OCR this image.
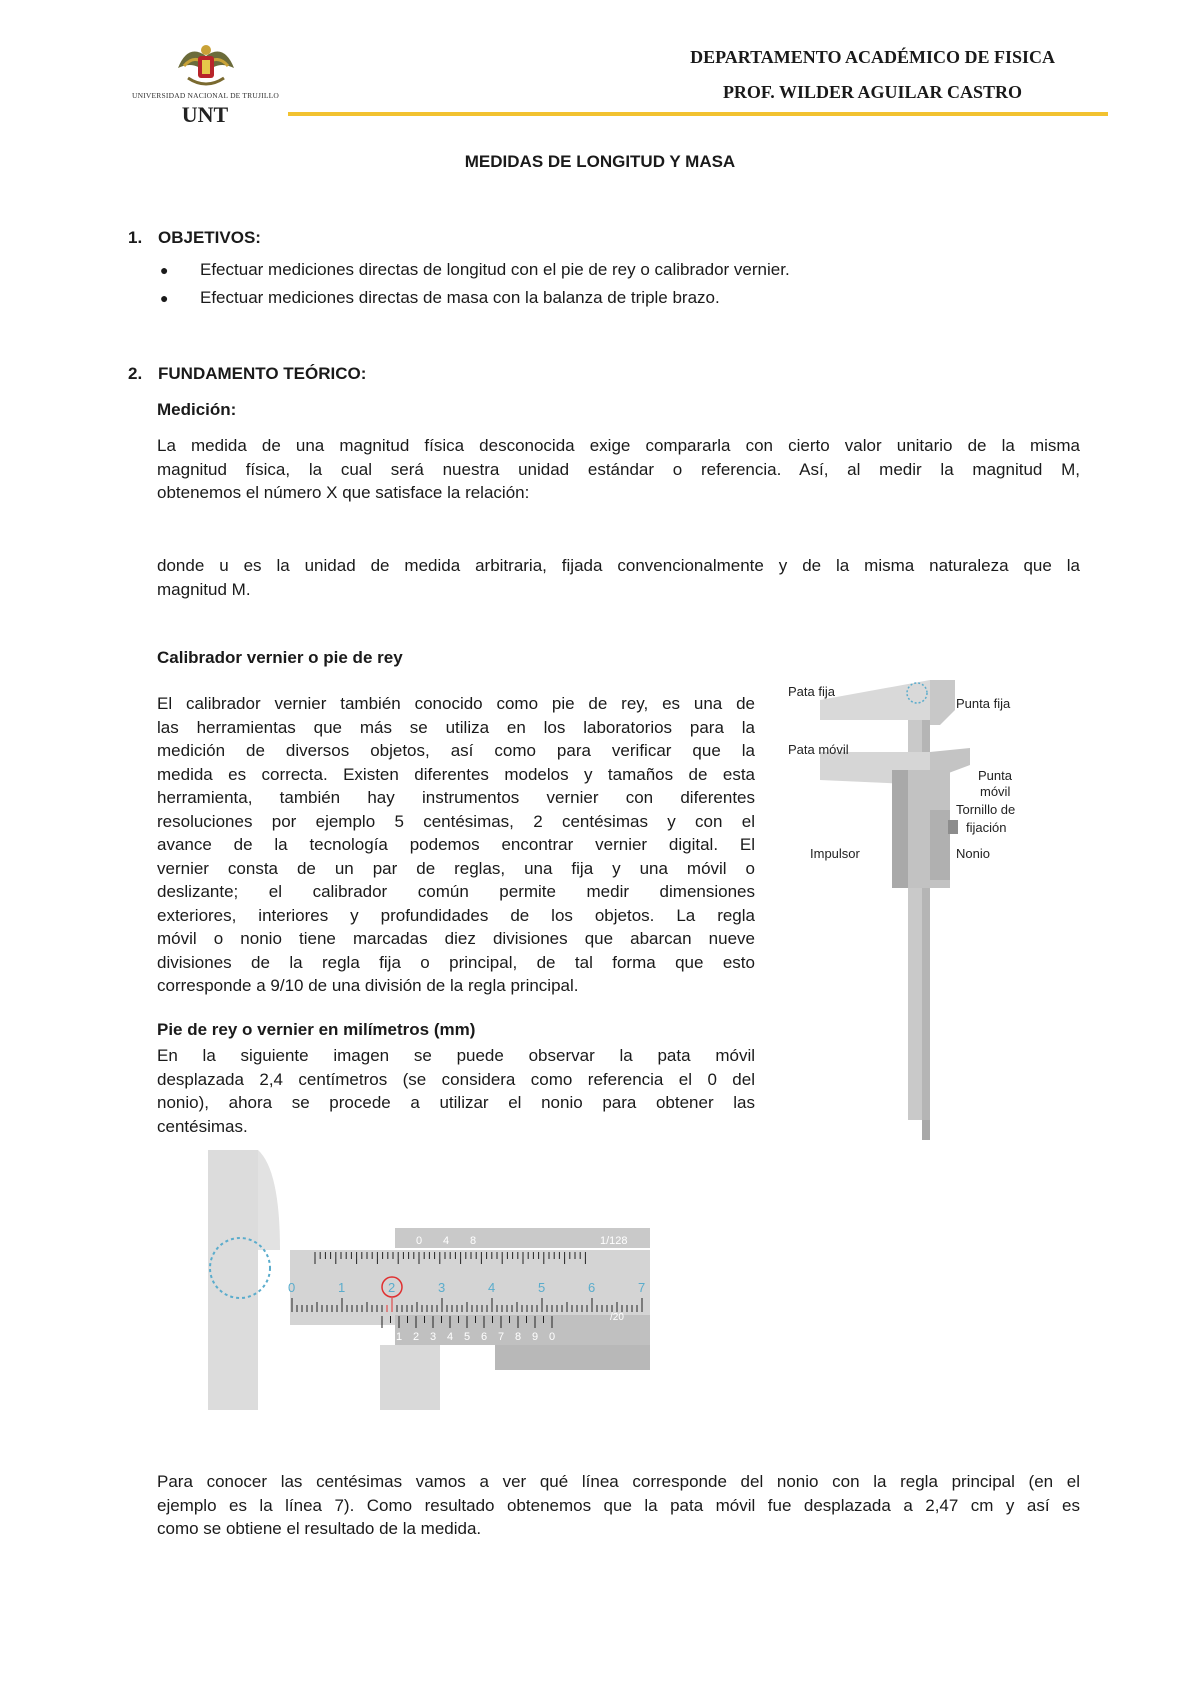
UNIVERSIDAD NACIONAL DE TRUJILLO
UNT
DEPARTAMENTO ACADÉMICO DE FISICA
PROF. WILDER AGUILAR CASTRO
MEDIDAS DE LONGITUD Y MASA
1. OBJETIVOS:
● Efectuar mediciones directas de longitud con el pie de rey o calibrador vernier.
● Efectuar mediciones directas de masa con la balanza de triple brazo.
2. FUNDAMENTO TEÓRICO:
Medición:
La medida de una magnitud física desconocida exige compararla con cierto valor unitario de la misma
magnitud física, la cual será nuestra unidad estándar o referencia. Así, al medir la magnitud M,
obtenemos el número X que satisface la relación:
donde u es la unidad de medida arbitraria, fijada convencionalmente y de la misma naturaleza que la
magnitud M.
Calibrador vernier o pie de rey
El calibrador vernier también conocido como pie de rey, es una de
las herramientas que más se utiliza en los laboratorios para la
medición de diversos objetos, así como para verificar que la
medida es correcta. Existen diferentes modelos y tamaños de esta
herramienta, también hay instrumentos vernier con diferentes
resoluciones por ejemplo 5 centésimas, 2 centésimas y con el
avance de la tecnología podemos encontrar vernier digital. El
vernier consta de un par de reglas, una fija y una móvil o
deslizante; el calibrador común permite medir dimensiones
exteriores, interiores y profundidades de los objetos. La regla
móvil o nonio tiene marcadas diez divisiones que abarcan nueve
divisiones de la regla fija o principal, de tal forma que esto
corresponde a 9/10 de una división de la regla principal.
Pie de rey o vernier en milímetros (mm)
En la siguiente imagen se puede observar la pata móvil
desplazada 2,4 centímetros (se considera como referencia el 0 del
nonio), ahora se procede a utilizar el nonio para obtener las
centésimas.
Pata fija
Punta fija
Pata móvil
Punta
móvil
Tornillo de
fijación
Impulsor	Nonio
0	1	2	3	4	5	6	7
0 4 8	1/128
0 1 2 3 4 5 6 7 8 9 0
/20
Para conocer las centésimas vamos a ver qué línea corresponde del nonio con la regla principal (en el
ejemplo es la línea 7). Como resultado obtenemos que la pata móvil fue desplazada a 2,47 cm y así es
como se obtiene el resultado de la medida.
